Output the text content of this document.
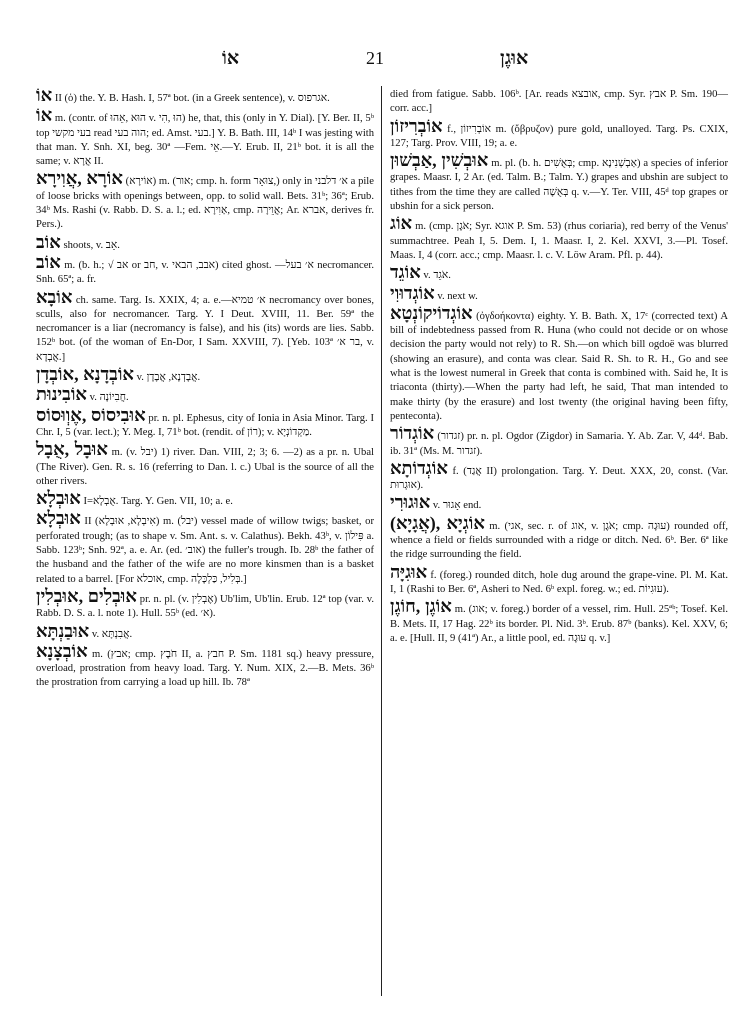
אוֹ	21	אוּגֶן

אוֹ II (ὁ) the. Y. B. Hash. I, 57ª bot. (in a Greek sentence), v. אגרפוס.

אוֹ m. (contr. of הוּא ,אֵהוּ v. הוּ ,הִי) he, that, this (only in Y. Dial). [Y. Ber. II, 5ᵇ top בעי מקשי read הוה בעי; ed. Amst. בעי.] Y. B. Bath. III, 14ᵇ I was jesting with that man. Y. Snh. XI, beg. 30ª —Fem. אֵי.—Y. Erub. II, 21ᵇ bot. it is all the same; v. אֲרָא II.

אוֹרָא ,אֲוִירָא (אוֹירָא) m. (אור; cmp. h. form צוּאָר,) only in א׳ דלבני a pile of loose bricks with openings between, opp. to solid wall. Bets. 31ᵇ; 36ª; Erub. 34ᵇ Ms. Rashi (v. Rabb. D. S. a. l.; ed. אַוִירָא, cmp. אֲוֵירָה; Ar. אברא, derives fr. Pers.).

אוֹב shoots, v. אֵב.

אוֹב m. (b. h.; √ אב or חב, v. אבב, הבאי) cited ghost. —א׳ בעל necromancer. Snh. 65ª; a. fr.

אוֹבָא ch. same. Targ. Is. XXIX, 4; a. e.—א׳ טמיא necromancy over bones, sculls, also for necromancer. Targ. Y. I Deut. XVIII, 11. Ber. 59ª the necromancer is a liar (necromancy is false), and his (its) words are lies. Sabb. 152ᵇ bot. (of the woman of En-Dor, I Sam. XXVIII, 7). [Yeb. 103ª בר א׳, v. אֲבְדָא.]

אוֹבְדָנָא ,אוֹבְדָן v. אֲבָדְנָא, אֲבָדָן.

אוֹבִינוּת v. חֲבִיוֹנָה.

אוּבִיסוֹס ,אֶוְוּסוֹס pr. n. pl. Ephesus, city of Ionia in Asia Minor. Targ. I Chr. I, 5 (var. lect.); Y. Meg. I, 71ᵇ bot. (rendit. of רוֹן); v. מַקְדוֹנְיָא.

אוּבָל ,אֻבָל m. (v. יבל) 1) river. Dan. VIII, 2; 3; 6. —2) as a pr. n. Ubal (The River). Gen. R. s. 16 (referring to Dan. l. c.) Ubal is the source of all the other rivers.

אוּבְלָא I=אֻבְלָא. Targ. Y. Gen. VII, 10; a. e.

אוּבְלָא II (אִיבְלָא, אוּבְלָא) m. (יבל) vessel made of willow twigs; basket, or perforated trough; (as to shape v. Sm. Ant. s. v. Calathus). Bekh. 43ᵇ, v. פִּילוֹן a. Sabb. 123ᵇ; Snh. 92ª, a. e. Ar. (ed. אוב׳) the fuller's trough. Ib. 28ᵇ the father of the husband and the father of the wife are no more kinsmen than is a basket related to a barrel. [For אוכלא, cmp. בְּלִיל, כַּלְכָּלָה.]

אוּבְלִים ,אוּבְלִין pr. n. pl. (v. אֶבְלִין) Ub'lim, Ub'lin. Erub. 12ª top (var. v. Rabb. D. S. a. l. note 1). Hull. 55ᵇ (ed. א׳).

אוּבַנְתָּא v. אֲבִנְתָּא.

אוֹבְצָנָא m. (אבץ; cmp. חֹבֶץ II, a. חבץ P. Sm. 1181 sq.) heavy pressure, overload, prostration from heavy load. Targ. Y. Num. XIX, 2.—B. Mets. 36ᵇ the prostration from carrying a load up hill. Ib. 78ª

died from fatigue. Sabb. 106ᵇ. [Ar. reads אובצא, cmp. Syr. אבץ P. Sm. 190—corr. acc.]

אוֹבְרִיזוֹן f., אוֹבְרִיזוֹן m. (ὄβρυζον) pure gold, unalloyed. Targ. Ps. CXIX, 127; Targ. Prov. VIII, 19; a. e.

אוּבְשִׁין ,אַבְשׁוּן m. pl. (b. h. בְּאֻשִׁים; cmp. אַבְשְׁנִינָא) a species of inferior grapes. Maasr. I, 2 Ar. (ed. Talm. B.; Talm. Y.) grapes and ubshin are subject to tithes from the time they are called בְּאֻשָׁה q. v.—Y. Ter. VIII, 45ᵈ top grapes or ubshin for a sick person.

אוֹג m. (cmp. אֹגֶן; Syr. אוגא P. Sm. 53) (rhus coriaria), red berry of the Venus' summachtree. Peah I, 5. Dem. I, 1. Maasr. I, 2. Kel. XXVI, 3.—Pl. Tosef. Maas. I, 4 (corr. acc.; cmp. Maasr. l. c. V. Löw Aram. Pfl. p. 44).

אוֹגֵד v. אֹגֵד.

אוֹגְדוּוִי v. next w.

אוֹגְדוֹיקוֹנְטָא (ὀγδοήκοντα) eighty. Y. B. Bath. X, 17ᶜ (corrected text) A bill of indebtedness passed from R. Huna (who could not decide or on whose decision the party would not rely) to R. Sh.—on which bill ogdoë was blurred (showing an erasure), and conta was clear. Said R. Sh. to R. H., Go and see what is the lowest numeral in Greek that conta is combined with. Said he, It is triaconta (thirty).—When the party had left, he said, That man intended to make thirty (by the erasure) and lost twenty (the original having been fifty, penteconta).

אוֹגְדוֹר (זגדור) pr. n. pl. Ogdor (Zigdor) in Samaria. Y. Ab. Zar. V, 44ᵈ. Bab. ib. 31ª (Ms. M. זגדור).

אוֹגְדוֹתָא f. (אֲגַד II) prolongation. Targ. Y. Deut. XXX, 20, const. (Var. אוּגְרוּת).

אוּגוּרִי v. אָגוּר end.

אוֹגְיָא ,(אֲגָיָא) m. (אגי, sec. r. of אוג, v. אֹגֶן; cmp. עוּגָה) rounded off, whence a field or fields surrounded with a ridge or ditch. Ned. 6ᵇ. Ber. 6ª like the ridge surrounding the field.

אוּגִיָּה f. (foreg.) rounded ditch, hole dug around the grape-vine. Pl. M. Kat. I, 1 (Rashi to Ber. 6ª, Asheri to Ned. 6ᵇ expl. foreg. w.; ed. עוּגִיוֹת).

אוֹגֶן ,חוֹגֶן m. (אוג; v. foreg.) border of a vessel, rim. Hull. 25ªᵇ; Tosef. Kel. B. Mets. II, 17 Hag. 22ᵇ its border. Pl. Nid. 3ᵇ. Erub. 87ᵇ (banks). Kel. XXV, 6; a. e. [Hull. II, 9 (41ª) Ar., a little pool, ed. עוּגָה q. v.]
